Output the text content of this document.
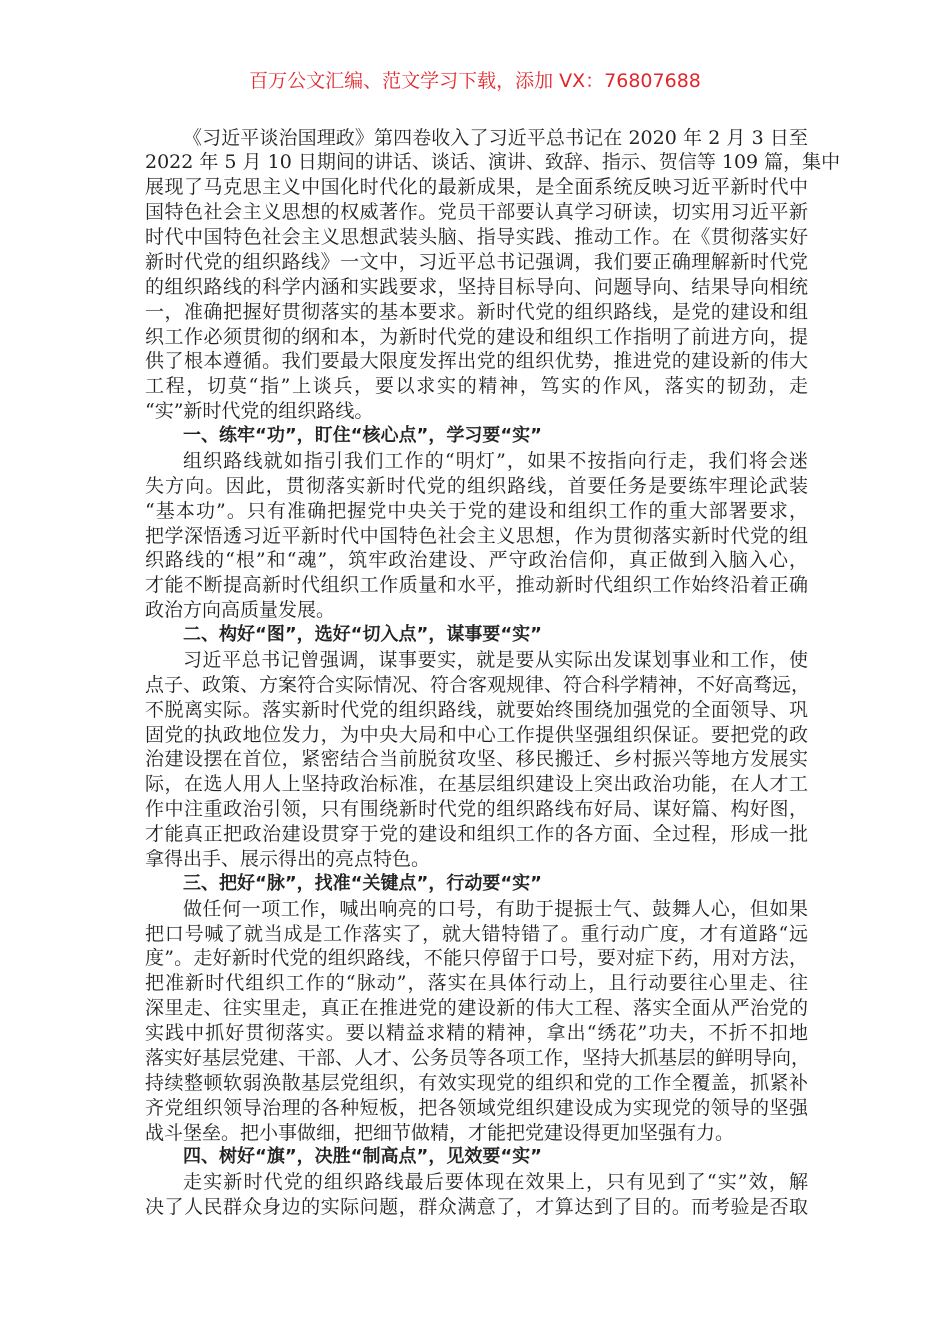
百万公文汇编、范文学习下载，添加 VX：76807688
《习近平谈治国理政》第四卷收入了习近平总书记在 2020 年 2 月 3 日至
2022 年 5 月 10 日期间的讲话、谈话、演讲、致辞、指示、贺信等 109 篇，集中
展现了马克思主义中国化时代化的最新成果，是全面系统反映习近平新时代中
国特色社会主义思想的权威著作。党员干部要认真学习研读，切实用习近平新
时代中国特色社会主义思想武装头脑、指导实践、推动工作。在《贯彻落实好
新时代党的组织路线》一文中，习近平总书记强调，我们要正确理解新时代党
的组织路线的科学内涵和实践要求，坚持目标导向、问题导向、结果导向相统
一，准确把握好贯彻落实的基本要求。新时代党的组织路线，是党的建设和组
织工作必须贯彻的纲和本，为新时代党的建设和组织工作指明了前进方向，提
供了根本遵循。我们要最大限度发挥出党的组织优势，推进党的建设新的伟大
工程，切莫“指”上谈兵，要以求实的精神，笃实的作风，落实的韧劲，走
“实”新时代党的组织路线。
一、练牢“功”，盯住“核心点”，学习要“实”
组织路线就如指引我们工作的“明灯”，如果不按指向行走，我们将会迷
失方向。因此，贯彻落实新时代党的组织路线，首要任务是要练牢理论武装
“基本功”。只有准确把握党中央关于党的建设和组织工作的重大部署要求，
把学深悟透习近平新时代中国特色社会主义思想，作为贯彻落实新时代党的组
织路线的“根”和“魂”，筑牢政治建设、严守政治信仰，真正做到入脑入心，
才能不断提高新时代组织工作质量和水平，推动新时代组织工作始终沿着正确
政治方向高质量发展。
二、构好“图”，选好“切入点”，谋事要“实”
习近平总书记曾强调，谋事要实，就是要从实际出发谋划事业和工作，使
点子、政策、方案符合实际情况、符合客观规律、符合科学精神，不好高骛远，
不脱离实际。落实新时代党的组织路线，就要始终围绕加强党的全面领导、巩
固党的执政地位发力，为中央大局和中心工作提供坚强组织保证。要把党的政
治建设摆在首位，紧密结合当前脱贫攻坚、移民搬迁、乡村振兴等地方发展实
际，在选人用人上坚持政治标准，在基层组织建设上突出政治功能，在人才工
作中注重政治引领，只有围绕新时代党的组织路线布好局、谋好篇、构好图，
才能真正把政治建设贯穿于党的建设和组织工作的各方面、全过程，形成一批
拿得出手、展示得出的亮点特色。
三、把好“脉”，找准“关键点”，行动要“实”
做任何一项工作，喊出响亮的口号，有助于提振士气、鼓舞人心，但如果
把口号喊了就当成是工作落实了，就大错特错了。重行动广度，才有道路“远
度”。走好新时代党的组织路线，不能只停留于口号，要对症下药，用对方法，
把准新时代组织工作的“脉动”，落实在具体行动上，且行动要往心里走、往
深里走、往实里走，真正在推进党的建设新的伟大工程、落实全面从严治党的
实践中抓好贯彻落实。要以精益求精的精神，拿出“绣花”功夫，不折不扣地
落实好基层党建、干部、人才、公务员等各项工作，坚持大抓基层的鲜明导向，
持续整顿软弱涣散基层党组织，有效实现党的组织和党的工作全覆盖，抓紧补
齐党组织领导治理的各种短板，把各领域党组织建设成为实现党的领导的坚强
战斗堡垒。把小事做细，把细节做精，才能把党建设得更加坚强有力。
四、树好“旗”，决胜“制高点”，见效要“实”
走实新时代党的组织路线最后要体现在效果上，只有见到了“实”效，解
决了人民群众身边的实际问题，群众满意了，才算达到了目的。而考验是否取
